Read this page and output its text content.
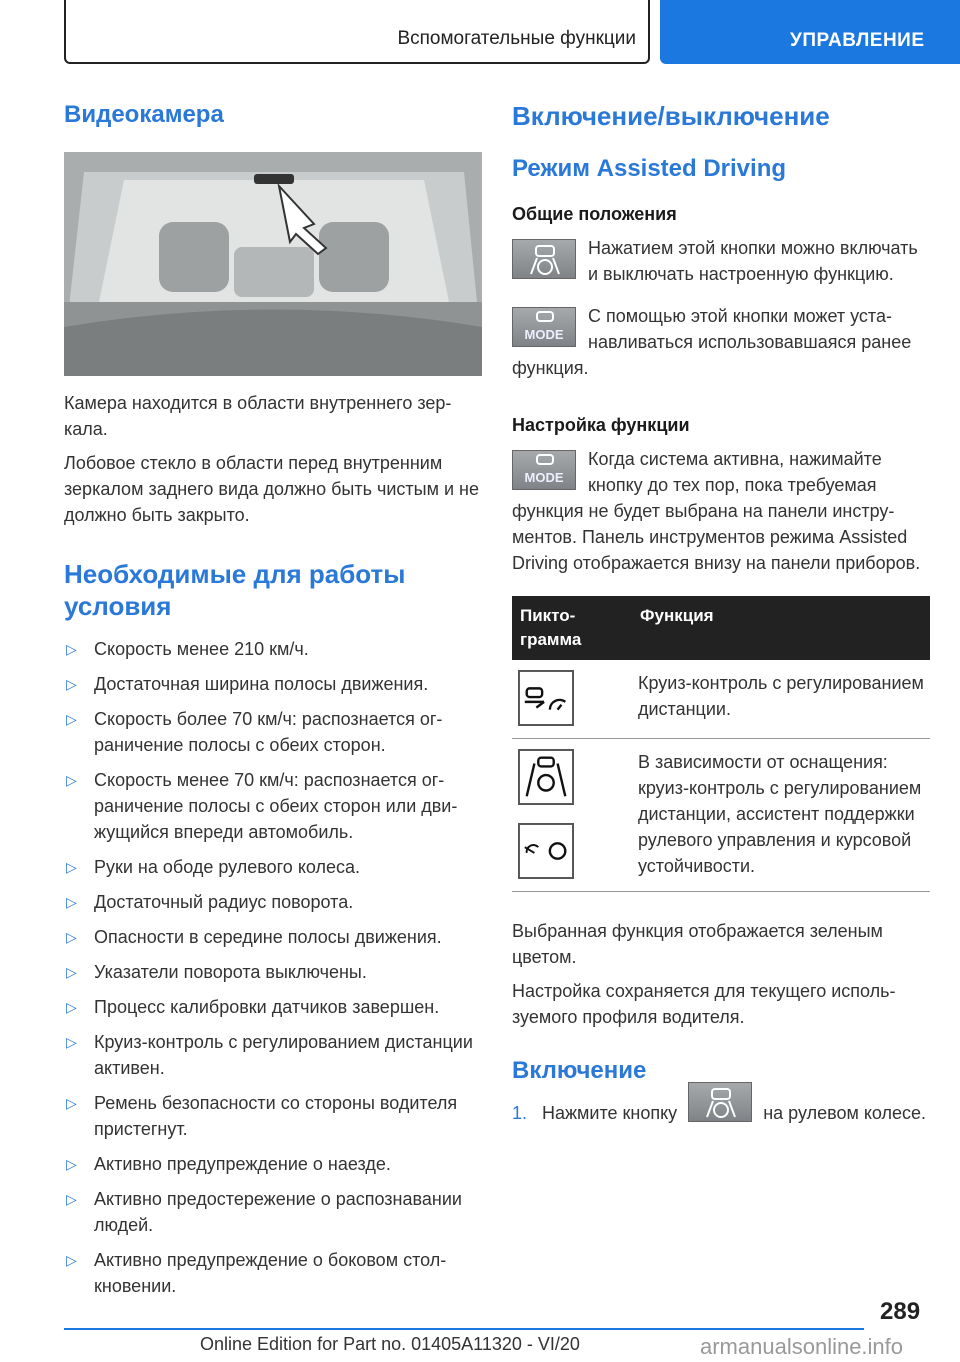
Вспомогательные функции	УПРАВЛЕНИЕ
Видеокамера

Камера находится в области внутреннего зеркала.

Лобовое стекло в области перед внутренним зеркалом заднего вида должно быть чистым и не должно быть закрыто.

Необходимые для работы условия
▷ Скорость менее 210 км/ч.
▷ Достаточная ширина полосы движения.
▷ Скорость более 70 км/ч: распознается ограничение полосы с обеих сторон.
▷ Скорость менее 70 км/ч: распознается ограничение полосы с обеих сторон или движущийся впереди автомобиль.
▷ Руки на ободе рулевого колеса.
▷ Достаточный радиус поворота.
▷ Опасности в середине полосы движения.
▷ Указатели поворота выключены.
▷ Процесс калибровки датчиков завершен.
▷ Круиз-контроль с регулированием дистанции активен.
▷ Ремень безопасности со стороны водителя пристегнут.
▷ Активно предупреждение о наезде.
▷ Активно предостережение о распознавании людей.
▷ Активно предупреждение о боковом столкновении.
Включение/выключение
Режим Assisted Driving
Общие положения

Нажатием этой кнопки можно включать и выключать настроенную функцию.

MODE

С помощью этой кнопки может устанавливаться использовавшаяся ранее функция.

Настройка функции
MODE

Когда система активна, нажимайте кнопку до тех пор, пока требуемая функция не будет выбрана на панели инструментов. Панель инструментов режима Assisted Driving отображается внизу на панели приборов.

Пиктограмма	Функция

	Круиз-контроль с регулированием дистанции.

	В зависимости от оснащения: круиз-контроль с регулированием дистанции, ассистент поддержки рулевого управления и курсовой устойчивости.

Выбранная функция отображается зеленым цветом.

Настройка сохраняется для текущего используемого профиля водителя.

Включение
1. Нажмите кнопку	на рулевом колесе.
289
Online Edition for Part no. 01405A11320 - VI/20	armanualsonline.info
